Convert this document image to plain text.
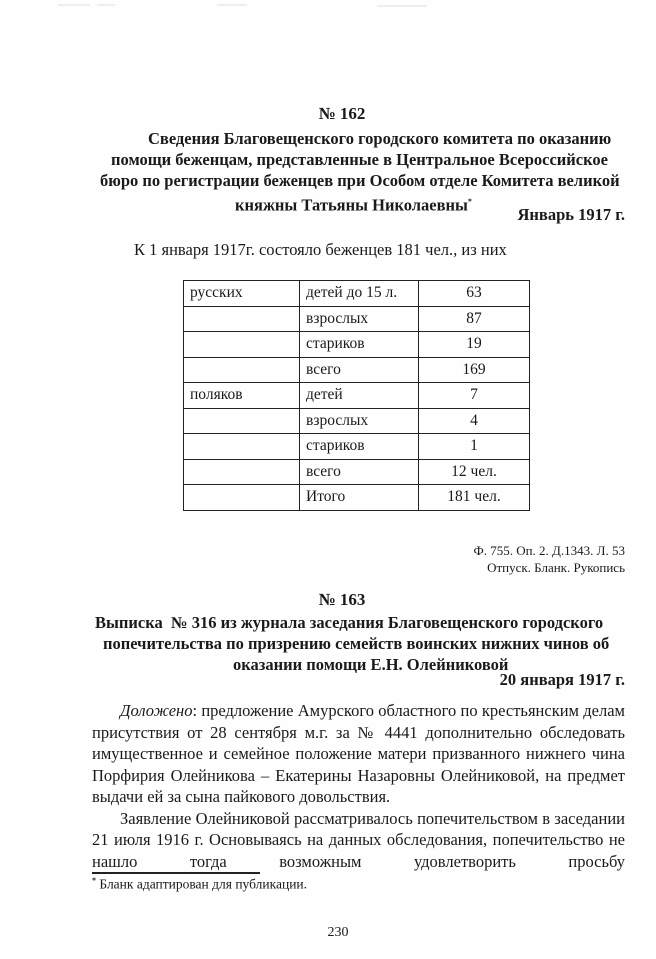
№ 162
Сведения Благовещенского городского комитета по оказанию
помощи беженцам, представленные в Центральное Всероссийское
бюро по регистрации беженцев при Особом отделе Комитета великой
княжны Татьяны Николаевны*
Январь 1917 г.
К 1 января 1917г. состояло беженцев 181 чел., из них
русских	детей до 15 л.	63
	взрослых	87
	стариков	19
	всего	169
поляков	детей	7
	взрослых	4
	стариков	1
	всего	12 чел.
	Итого	181 чел.
Ф. 755. Оп. 2. Д.1343. Л. 53
Отпуск. Бланк. Рукопись
№ 163
Выписка  № 316 из журнала заседания Благовещенского городского
попечительства по призрению семейств воинских нижних чинов об
оказании помощи Е.Н. Олейниковой
20 января 1917 г.

Доложено: предложение Амурского областного по крестьянским делам присутствия от 28 сентября м.г. за № 4441 дополнительно обследовать имущественное и семейное положение матери призванного нижнего чина Порфирия Олейникова – Екатерины Назаровны Олейниковой, на предмет выдачи ей за сына пайкового довольствия.

Заявление Олейниковой рассматривалось попечительством в заседании 21 июля 1916 г. Основываясь на данных обследования, попечительство не нашло тогда возможным удовлетворить просьбу

* Бланк адаптирован для публикации.
230
